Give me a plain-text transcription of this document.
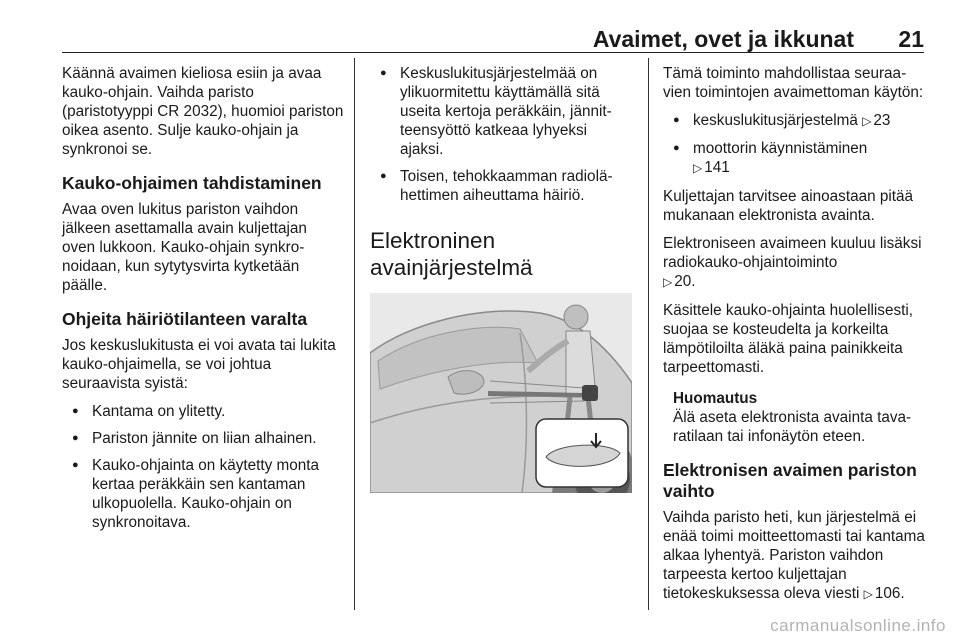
Avaimet, ovet ja ikkunat 21

Käännä avaimen kieliosa esiin ja avaa kauko-ohjain. Vaihda paristo (paristotyyppi CR 2032), huomioi pariston oikea asento. Sulje kauko-ohjain ja synkronoi se.

Kauko-ohjaimen tahdistaminen

Avaa oven lukitus pariston vaihdon jälkeen asettamalla avain kuljettajan oven lukkoon. Kauko-ohjain synkro-noidaan, kun sytytysvirta kytketään päälle.

Ohjeita häiriötilanteen varalta

Jos keskuslukitusta ei voi avata tai lukita kauko-ohjaimella, se voi johtua seuraavista syistä:

● Kantama on ylitetty.
● Pariston jännite on liian alhainen.
● Kauko-ohjainta on käytetty monta kertaa peräkkäin sen kantaman ulkopuolella. Kauko-ohjain on synkronoitava.
● Keskuslukitusjärjestelmää on ylikuormitettu käyttämällä sitä useita kertoja peräkkäin, jännit-teensyöttö katkeaa lyhyeksi ajaksi.
● Toisen, tehokkaamman radiolä-hettimen aiheuttama häiriö.
Elektroninen
avainjärjestelmä

Tämä toiminto mahdollistaa seuraa-vien toimintojen avaimettoman käytön:

● keskuslukitusjärjestelmä ▷ 23
● moottorin käynnistäminen
▷ 141

Kuljettajan tarvitsee ainoastaan pitää mukanaan elektronista avainta.

Elektroniseen avaimeen kuuluu lisäksi radiokauko-ohjaintoiminto
▷ 20.

Käsittele kauko-ohjainta huolellisesti, suojaa se kosteudelta ja korkeilta lämpötiloilta äläkä paina painikkeita tarpeettomasti.

Huomautus
Älä aseta elektronista avainta tava-ratilaan tai infonäytön eteen.
Elektronisen avaimen pariston vaihto

Vaihda paristo heti, kun järjestelmä ei enää toimi moitteettomasti tai kantama alkaa lyhentyä. Pariston vaihdon tarpeesta kertoo kuljettajan tietokeskuksessa oleva viesti ▷ 106.

carmanualsonline.info
